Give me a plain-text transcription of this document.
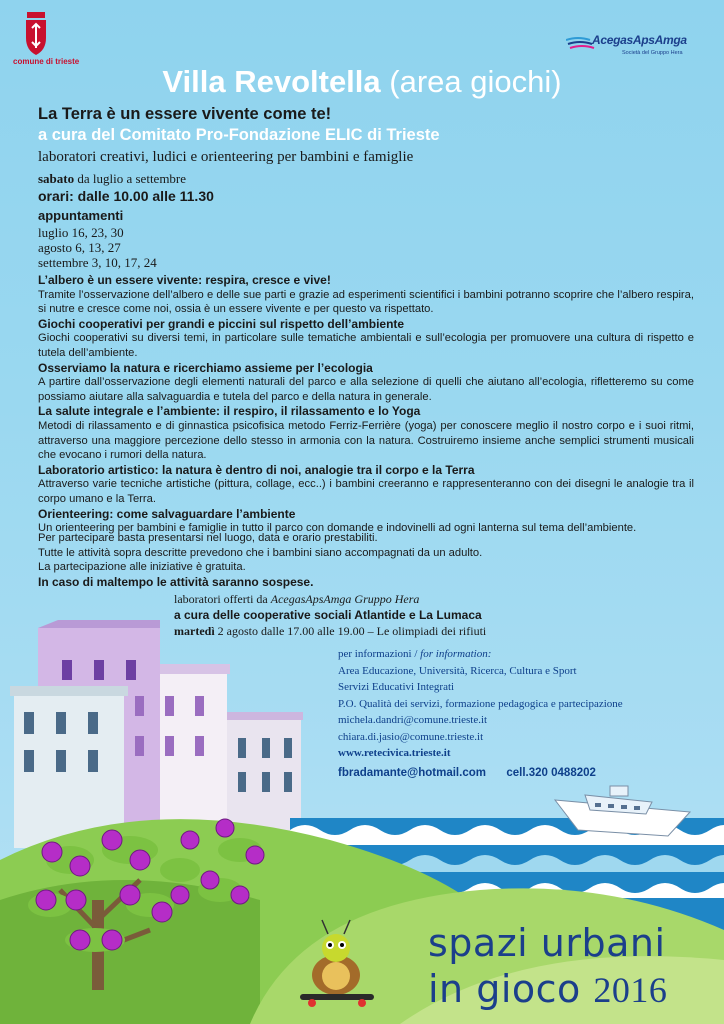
comune di trieste
AcegasApsAmga
Società del Gruppo Hera
Villa Revoltella (area giochi)
La Terra è un essere vivente come te!
a cura del Comitato Pro-Fondazione ELIC di Trieste
laboratori creativi, ludici e orienteering per bambini e famiglie
sabato da luglio a settembre
orari: dalle 10.00 alle 11.30
appuntamenti
luglio 16, 23, 30
agosto 6, 13, 27
settembre 3, 10, 17, 24

L’albero è un essere vivente: respira, cresce e vive!

Tramite l’osservazione dell’albero e delle sue parti e grazie ad esperimenti scientifici i bambini potranno scoprire che l’albero respira, si nutre e cresce come noi, ossia è un essere vivente e per questo va rispettato.

Giochi cooperativi per grandi e piccini sul rispetto dell’ambiente

Giochi cooperativi su diversi temi, in particolare sulle tematiche ambientali e sull’ecologia per promuovere una cultura di rispetto e tutela dell’ambiente.

Osserviamo la natura e ricerchiamo assieme per l’ecologia

A partire dall’osservazione degli elementi naturali del parco e alla selezione di quelli che aiutano all’ecologia, rifletteremo su come possiamo aiutare alla salvaguardia e tutela del parco e della natura in generale.

La salute integrale e l’ambiente: il respiro, il rilassamento e lo Yoga

Metodi di rilassamento e di ginnastica psicofisica metodo Ferriz-Ferrière (yoga) per conoscere meglio il nostro corpo e i suoi ritmi, attraverso una maggiore percezione dello stesso in armonia con la natura. Costruiremo insieme anche semplici strumenti musicali che evocano i rumori della natura.

Laboratorio artistico: la natura è dentro di noi, analogie tra il corpo e la Terra

Attraverso varie tecniche artistiche (pittura, collage, ecc..) i bambini creeranno e rappresenteranno con dei disegni le analogie tra il corpo umano e la Terra.

Orienteering: come salvaguardare l’ambiente

Un orienteering per bambini e famiglie in tutto il parco con domande e indovinelli ad ogni lanterna sul tema dell’ambiente.

Per partecipare basta presentarsi nel luogo, data e orario prestabiliti.

Tutte le attività sopra descritte prevedono che i bambini siano accompagnati da un adulto.

La partecipazione alle iniziative è gratuita.

In caso di maltempo le attività saranno sospese.

laboratori offerti da AcegasApsAmga Gruppo Hera
a cura delle cooperative sociali Atlantide e La Lumaca
martedì 2 agosto dalle 17.00 alle 19.00 – Le olimpiadi dei rifiuti
per informazioni / for information:
Area Educazione, Università, Ricerca, Cultura e Sport
Servizi Educativi Integrati
P.O. Qualità dei servizi, formazione pedagogica e partecipazione
michela.dandri@comune.trieste.it
chiara.di.jasio@comune.trieste.it
www.retecivica.trieste.it
fbradamante@hotmail.com cell.320 0488202
spazi urbani
in gioco 2016
